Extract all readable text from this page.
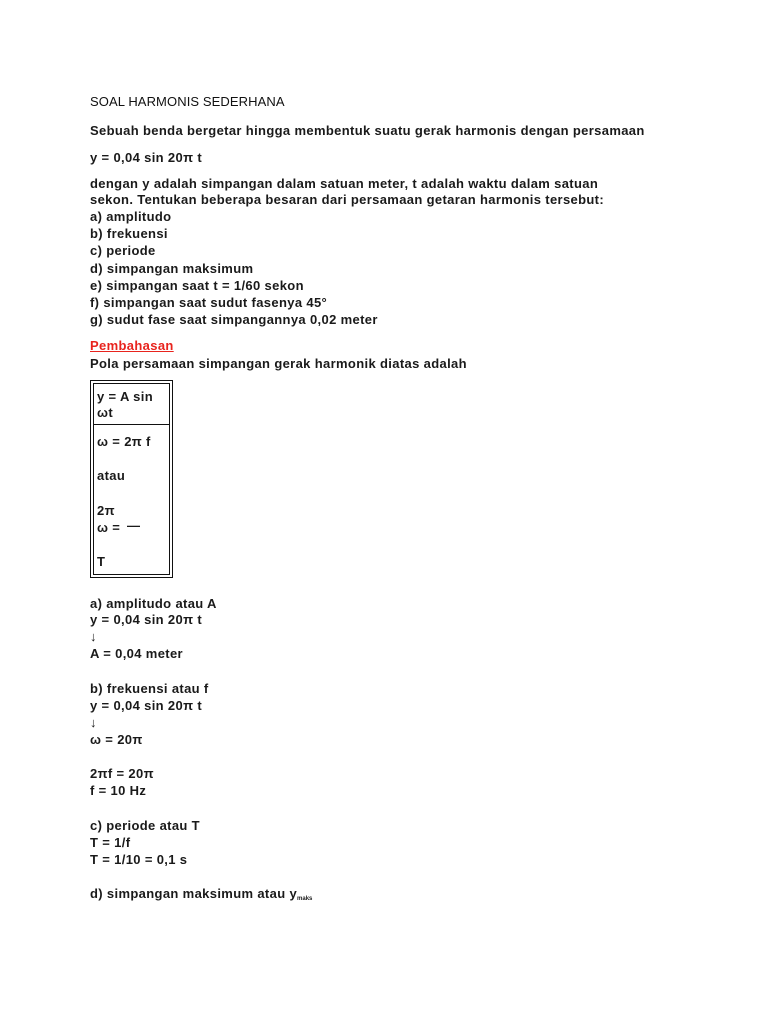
SOAL HARMONIS SEDERHANA
Sebuah benda bergetar hingga membentuk suatu gerak harmonis dengan persamaan
y = 0,04 sin 20π t
dengan y adalah simpangan dalam satuan meter, t adalah waktu dalam satuan
sekon. Tentukan beberapa besaran dari persamaan getaran harmonis tersebut:
a) amplitudo
b) frekuensi
c) periode
d) simpangan maksimum
e) simpangan saat t = 1/60 sekon
f) simpangan saat sudut fasenya 45°
g) sudut fase saat simpangannya 0,02 meter
Pembahasan
Pola persamaan simpangan gerak harmonik diatas adalah
y = A sin
ωt
ω = 2π f
atau
2π
ω = —
T
a) amplitudo atau A
y = 0,04 sin 20π t
↓
A = 0,04 meter
b) frekuensi atau f
y = 0,04 sin 20π t
↓
ω = 20π
2πf = 20π
f = 10 Hz
c) periode atau T
T = 1/f
T = 1/10 = 0,1 s
d) simpangan maksimum atau $y_{maks}$
